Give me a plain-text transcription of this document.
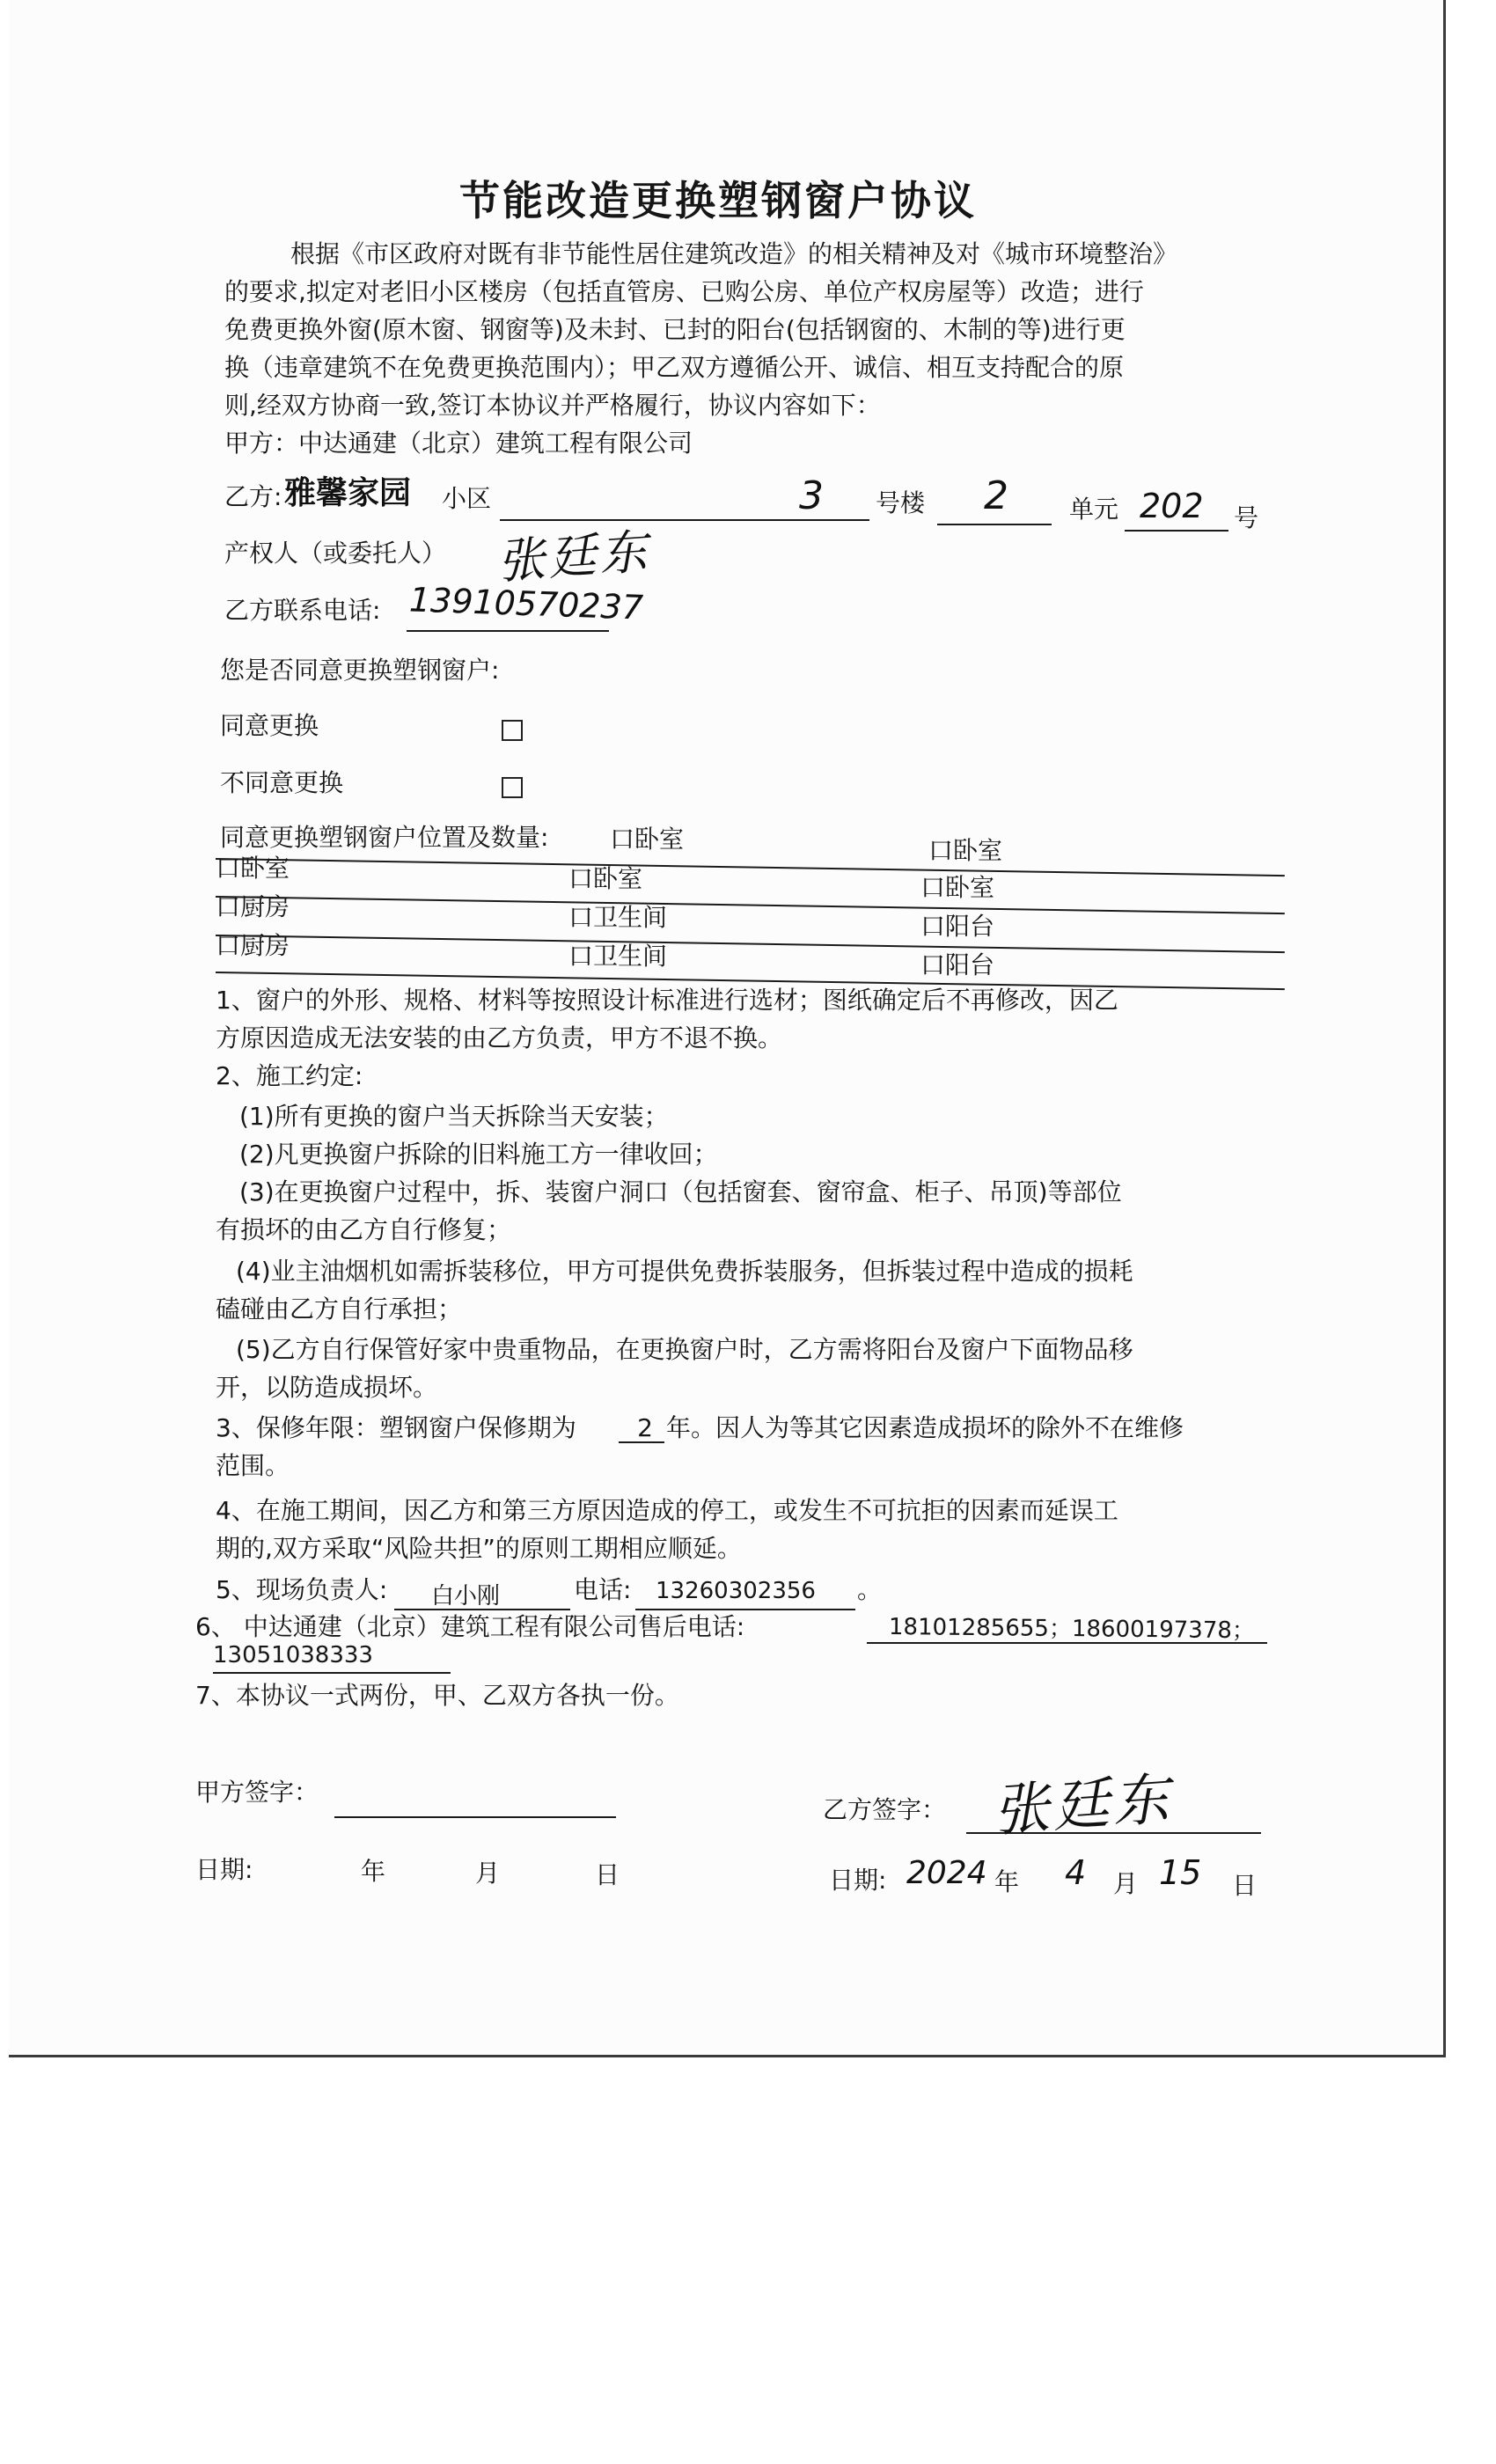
节能改造更换塑钢窗户协议
根据《市区政府对既有非节能性居住建筑改造》的相关精神及对《城市环境整治》
的要求,拟定对老旧小区楼房（包括直管房、已购公房、单位产权房屋等）改造；进行
免费更换外窗(原木窗、钢窗等)及未封、已封的阳台(包括钢窗的、木制的等)进行更
换（违章建筑不在免费更换范围内）；甲乙双方遵循公开、诚信、相互支持配合的原
则,经双方协商一致,签订本协议并严格履行，协议内容如下：
甲方：中达通建（北京）建筑工程有限公司
乙方: 雅馨家园 小区	3 号楼 2 单元 202 号
产权人（或委托人） 张廷东
乙方联系电话: 13910570237
您是否同意更换塑钢窗户:
同意更换
不同意更换
同意更换塑钢窗户位置及数量: 口卧室	口卧室
口卧室	口卧室	口卧室
口厨房	口卫生间	口阳台
口厨房	口卫生间	口阳台
1、窗户的外形、规格、材料等按照设计标准进行选材；图纸确定后不再修改，因乙
方原因造成无法安装的由乙方负责，甲方不退不换。
2、施工约定:
(1)所有更换的窗户当天拆除当天安装；
(2)凡更换窗户拆除的旧料施工方一律收回；
(3)在更换窗户过程中，拆、装窗户洞口（包括窗套、窗帘盒、柜子、吊顶)等部位
有损坏的由乙方自行修复；
(4)业主油烟机如需拆装移位，甲方可提供免费拆装服务，但拆装过程中造成的损耗
磕碰由乙方自行承担；
(5)乙方自行保管好家中贵重物品，在更换窗户时，乙方需将阳台及窗户下面物品移
开，以防造成损坏。
3、保修年限：塑钢窗户保修期为	2 年。因人为等其它因素造成损坏的除外不在维修
范围。
4、在施工期间，因乙方和第三方原因造成的停工，或发生不可抗拒的因素而延误工
期的,双方采取“风险共担”的原则工期相应顺延。
5、现场负责人: 白小刚	电话: 13260302356 。
6、 中达通建（北京）建筑工程有限公司售后电话:	18101285655；18600197378；
13051038333
7、本协议一式两份，甲、乙双方各执一份。
甲方签字：
乙方签字： 张廷东
日期:	年	月	日	日期: 2024 年 4 月 15 日
